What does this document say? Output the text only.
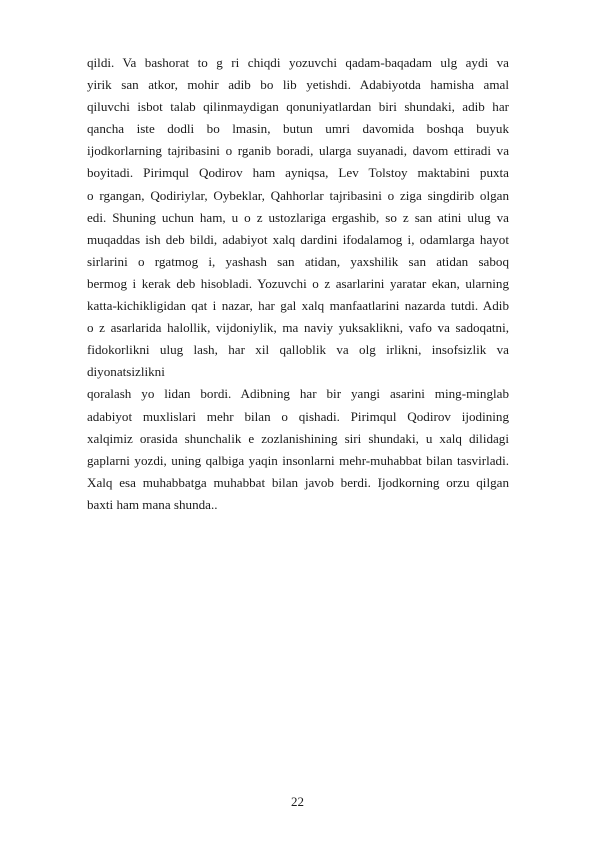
qildi. Va bashorat to g ri chiqdi yozuvchi qadam-baqadam ulg aydi va
yirik san atkor, mohir adib bo lib yetishdi. Adabiyotda hamisha amal
qiluvchi isbot talab qilinmaydigan qonuniyatlardan biri shundaki, adib har
qancha iste dodli bo lmasin, butun umri davomida boshqa buyuk
ijodkorlarning tajribasini o rganib boradi, ularga suyanadi, davom ettiradi va
boyitadi. Pirimqul Qodirov ham ayniqsa, Lev Tolstoy maktabini puxta
o rgangan, Qodiriylar, Oybeklar, Qahhorlar tajribasini o ziga singdirib olgan
edi. Shuning uchun ham, u o z ustozlariga ergashib, so z san atini ulug va
muqaddas ish deb bildi, adabiyot xalq dardini ifodalamog i, odamlarga hayot
sirlarini o rgatmog i, yashash san atidan, yaxshilik san atidan saboq
bermog i kerak deb hisobladi. Yozuvchi o z asarlarini yaratar ekan, ularning
katta-kichikligidan qat i nazar, har gal xalq manfaatlarini nazarda tutdi. Adib
o z asarlarida halollik, vijdoniylik, ma naviy yuksaklikni, vafo va sadoqatni,
fidokorlikni ulug lash, har xil qalloblik va olg irlikni, insofsizlik va
diyonatsizlikni
qoralash yo lidan bordi. Adibning har bir yangi asarini ming-minglab
adabiyot muxlislari mehr bilan o qishadi. Pirimqul Qodirov ijodining
xalqimiz orasida shunchalik e zozlanishining siri shundaki, u xalq dilidagi
gaplarni yozdi, uning qalbiga yaqin insonlarni mehr-muhabbat bilan tasvirladi.
Xalq esa muhabbatga muhabbat bilan javob berdi. Ijodkorning orzu qilgan
baxti ham mana shunda..
22
